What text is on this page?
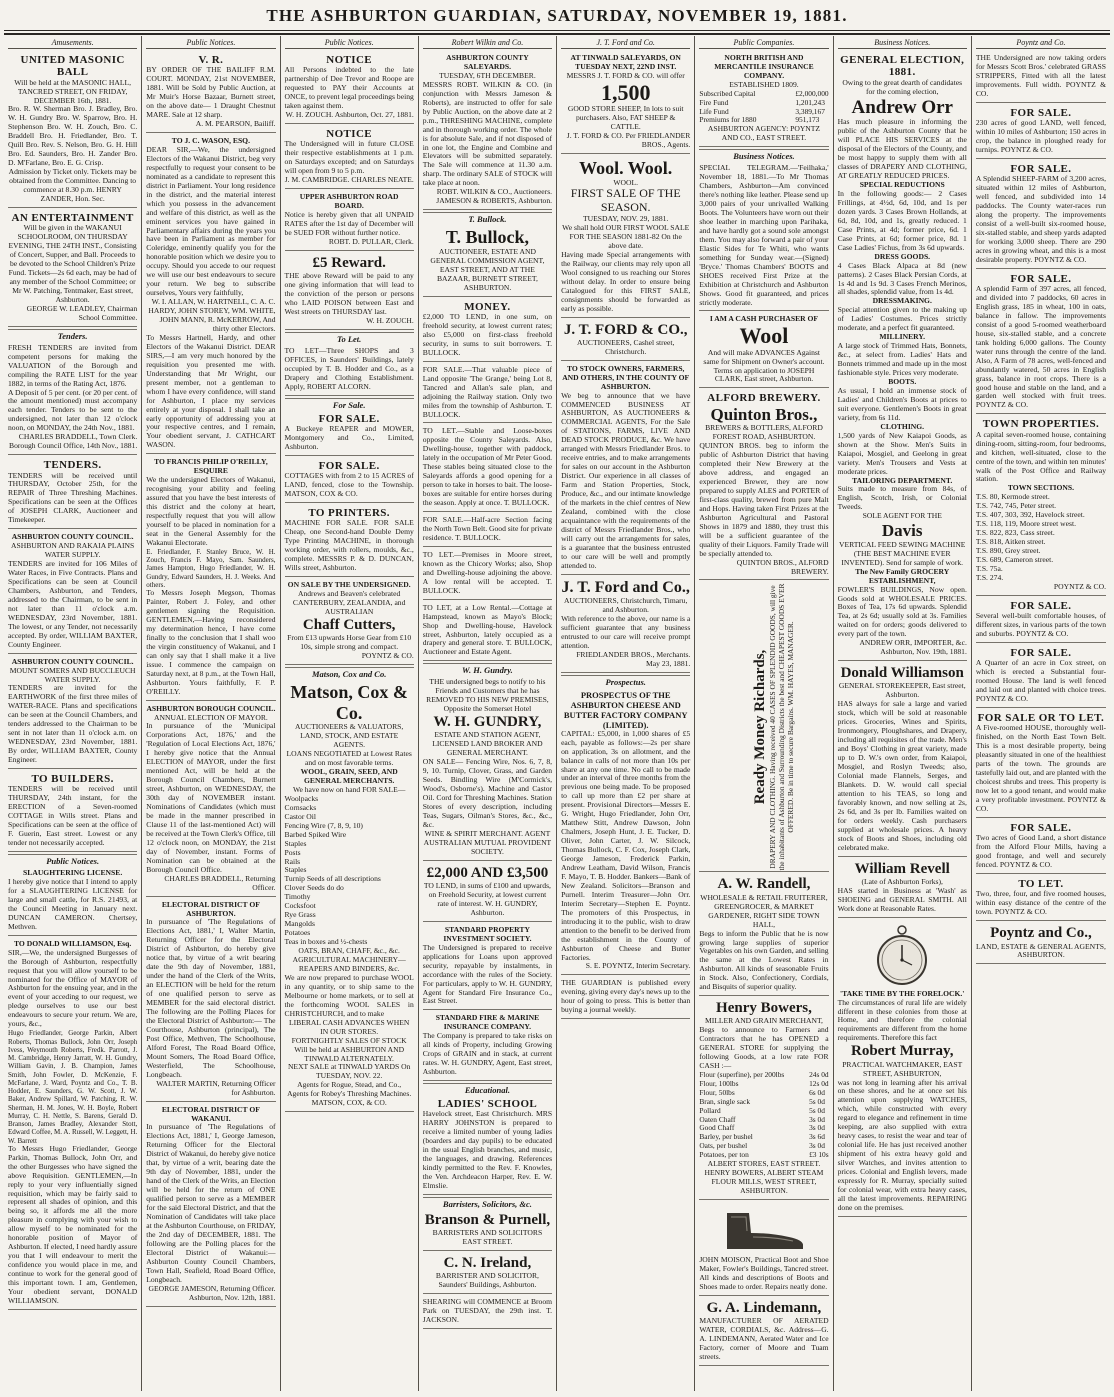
THE ASHBURTON GUARDIAN, SATURDAY, NOVEMBER 19, 1881.
Amusements.
UNITED MASONIC BALL
Will be held at the MASONIC HALL, TANCRED STREET, ON FRIDAY, DECEMBER 16th, 1881.
Bro. R. W. Sherman Bro. J. Bradley, Bro. W. H. Gundry Bro. W. Sparrow, Bro. H. Stephenson Bro. W. H. Zouch, Bro. C. Braddell Bro. H. Friedlander, Bro. T. Quill Bro. Rev. S. Nelson, Bro. G. H. Hill Bro. Ed. Saunders, Bro. H. Zander Bro. D. M'Farlane, Bro. E. G. Crisp.
Admission by Ticket only. Tickets may be obtained from the Committee. Dancing to commence at 8.30 p.m. HENRY ZANDER, Hon. Sec.
AN ENTERTAINMENT
Will be given in the WAKANUI SCHOOLROOM, ON THURSDAY EVENING, THE 24TH INST., Consisting of Concert, Supper, and Ball. Proceeds to be devoted to the School Children's Prize Fund. Tickets—2s 6d each, may be had of any member of the School Committee; or Mr W. Patching, Tentmaker, East street, Ashburton.
GEORGE W. LEADLEY, Chairman School Committee.
Tenders.
FRESH TENDERS are invited from competent persons for making the VALUATION of the Borough and compiling the RATE LIST for the year 1882, in terms of the Rating Act, 1876.
A Deposit of 5 per cent. (or 20 per cent. of the amount mentioned) must accompany each tender. Tenders to be sent to the undersigned, not later than 12 o'clock noon, on MONDAY, the 24th Nov., 1881.
CHARLES BRADDELL, Town Clerk. Borough Council Office, 14th Nov., 1881.
TENDERS.
TENDERS will be received until THURSDAY, October 25th, for the REPAIR of Three Threshing Machines. Specifications can be seen at the Offices of JOSEPH CLARK, Auctioneer and Timekeeper.
ASHBURTON COUNTY COUNCIL.
ASHBURTON AND RAKAIA PLAINS WATER SUPPLY.
TENDERS are invited for 106 Miles of Water Races, in Five Contracts. Plans and Specifications can be seen at Council Chambers, Ashburton, and Tenders, addressed to the Chairman, to be sent in not later than 11 o'clock a.m. WEDNESDAY, 23rd November, 1881. The lowest, or any Tender, not necessarily accepted. By order, WILLIAM BAXTER, County Engineer.
ASHBURTON COUNTY COUNCIL.
MOUNT SOMERS AND BUCCLEUCH WATER SUPPLY.
TENDERS are invited for the EARTHWORK of the first three miles of WATER-RACE. Plans and specifications can be seen at the Council Chambers, and tenders addressed to the Chairman to be sent in not later than 11 o'clock a.m. on WEDNESDAY, 23rd November, 1881. By order, WILLIAM BAXTER, County Engineer.
TO BUILDERS.
TENDERS will be received until THURSDAY, 24th instant, for the ERECTION of a Seven-roomed COTTAGE in Wills street. Plans and Specifications can be seen at the office of F. Guerin, East street. Lowest or any tender not necessarily accepted.
Public Notices.
SLAUGHTERING LICENSE.
I hereby give notice that I intend to apply for a SLAUGHTERING LICENSE for large and small cattle, for R.S. 21493, at the Council Meeting in January next. DUNCAN CAMERON. Chertsey, Methven.
TO DONALD WILLIAMSON, Esq.
SIR,—We, the undersigned Burgesses of the Borough of Ashburton, respectfully request that you will allow yourself to be nominated for the Office of MAYOR of Ashburton for the ensuing year, and in the event of your acceding to our request, we pledge ourselves to use our best endeavours to secure your return. We are, yours, &c.,
Hugo Friedlander, George Parkin, Albert Roberts, Thomas Bullock, John Orr, Joseph Ivess, Weymouth Roberts, Fredk. Parrott, J. M. Cambridge, Henry Jarratt, W. H. Gundry, William Gavin, J. B. Champion, James Smith, John Fowler, D. McKenzie, F. McFarlane, J. Ward, Poyntz and Co., T. B. Hodder, E. Saunders, G. W. Scott, J. W. Baker, Andrew Spillard, W. Patching, R. W. Sherman, H. M. Jones, W. H. Boyle, Robert Murray, C. H. Nettle, S. Barens, Gerald D. Branson, James Bradley, Alexander Stott, Edward Coffee, M. A. Russell, W. Leggett, H. W. Barrett
To Messrs Hugo Friedlander, George Parkin, Thomas Bullock, John Orr, and the other Burgesses who have signed the above Requisition. GENTLEMEN,—In reply to your very influentially signed requisition, which may be fairly said to represent all shades of opinion, and this being so, it affords me all the more pleasure in complying with your wish to allow myself to be nominated for the honorable position of Mayor of Ashburton. If elected, I need hardly assure you that I will endeavour to merit the confidence you would place in me, and continue to work for the general good of this important town. I am, Gentlemen, Your obedient servant, DONALD WILLIAMSON.
Public Notices.
V. R.
BY ORDER OF THE BAILIFF R.M. COURT. MONDAY, 21st NOVEMBER, 1881. Will be Sold by Public Auction, at Mr Muir's Horse Bazaar, Burnett street, on the above date— 1 Draught Chestnut MARE. Sale at 12 sharp.
A. M. PEARSON, Bailiff.
TO J. C. WASON, ESQ.
DEAR SIR,—We, the undersigned Electors of the Wakanui District, beg very respectfully to request your consent to be nominated as a candidate to represent this district in Parliament. Your long residence in the district, and the material interest which you possess in the advancement and welfare of this district, as well as the eminent services you have gained in Parliamentary affairs during the years you have been in Parliament as member for Coleridge, eminently qualify you for the honorable position which we desire you to occupy. Should you accede to our request we will use our best endeavours to secure your return. We beg to subscribe ourselves, Yours very faithfully,
W. I. ALLAN, W. HARTNELL, C. A. C. HARDY, JOHN STOREY, WM. WHITE, JOHN MANN, R. McKERROW, And thirty other Electors.
To Messrs Hartnell, Hardy, and other Electors of the Wakanui District. DEAR SIRS,—I am very much honored by the requisition you presented me with. Understanding that Mr Wright, our present member, not a gentleman to whom I have every confidence, will stand for Ashburton, I place my services entirely at your disposal. I shall take an early opportunity of addressing you at your respective centres, and I remain, Your obedient servant, J. CATHCART WASON.
TO FRANCIS PHILIP O'REILLY, ESQUIRE
We the undersigned Electors of Wakanui, recognising your ability and feeling assured that you have the best interests of this district and the colony at heart, respectfully request that you will allow yourself to be placed in nomination for a seat in the General Assembly for the Wakanui Electorate.
E. Friedlander, F. Stanley Bruce, W. H. Zouch, Francis F. Mayo, Sam. Saunders, James Hampton, Hugo Friedlander, W. H. Gundry, Edward Saunders, H. J. Weeks. And others.
To Messrs Joseph Megson, Thomas Painter, Robert J. Foley, and other gentlemen signing the Requisition. GENTLEMEN,—Having reconsidered my determination hence, I have come finally to the conclusion that I shall woo the virgin constituency of Wakanui, and I can only say that I shall make it a live issue. I commence the campaign on Saturday next, at 8 p.m., at the Town Hall, Ashburton. Yours faithfully, F. P. O'REILLY.
ASHBURTON BOROUGH COUNCIL.
ANNUAL ELECTION OF MAYOR.
In pursuance of the 'Municipal Corporations Act, 1876,' and the 'Regulation of Local Elections Act, 1876,' I hereby give notice that the Annual ELECTION of MAYOR, under the first mentioned Act, will be held at the Borough Council Chambers, Burnett street, Ashburton, on WEDNESDAY, the 30th day of NOVEMBER instant. Nominations of Candidates (which must be made in the manner prescribed in Clause 11 of the last-mentioned Act) will be received at the Town Clerk's Office, till 12 o'clock noon, on MONDAY, the 21st day of November, instant. Forms of Nomination can be obtained at the Borough Council Office.
CHARLES BRADDELL, Returning Officer.
ELECTORAL DISTRICT OF ASHBURTON.
In pursuance of 'The Regulations of Elections Act, 1881,' I, Walter Martin, Returning Officer for the Electoral District of Ashburton, do hereby give notice that, by virtue of a writ bearing date the 9th day of November, 1881, under the hand of the Clerk of the Writs, an ELECTION will be held for the return of one qualified person to serve as MEMBER for the said electoral district. The following are the Polling Places for the Electoral District of Ashburton:— The Courthouse, Ashburton (principal), The Post Office, Methven, The Schoolhouse, Alford Forest, The Road Board Office, Mount Somers, The Road Board Office, Westerfield, The Schoolhouse, Longbeach.
WALTER MARTIN, Returning Officer for Ashburton.
ELECTORAL DISTRICT OF WAKANUI.
In pursuance of 'The Regulations of Elections Act, 1881,' I, George Jameson, Returning Officer for the Electoral District of Wakanui, do hereby give notice that, by virtue of a writ, bearing date the 9th day of November, 1881, under the hand of the Clerk of the Writs, an Election will be held for the return of ONE qualified person to serve as a MEMBER for the said Electoral District, and that the Nomination of Candidates will take place at the Ashburton Courthouse, on FRIDAY, the 2nd day of DECEMBER, 1881. The following are the Polling places for the Electoral District of Wakanui:— Ashburton County Council Chambers, Town Hall, Seafield, Road Board Office, Longbeach.
GEORGE JAMESON, Returning Officer. Ashburton, Nov. 12th, 1881.
Public Notices.
NOTICE
All Persons indebted to the late partnership of Dee Trevor and Roope are requested to PAY their Accounts at ONCE, to prevent legal proceedings being taken against them.
W. H. ZOUCH. Ashburton, Oct. 27, 1881.
NOTICE
The Undersigned will in future CLOSE their respective establishments at 1 p.m. on Saturdays excepted; and on Saturdays will open from 9 to 5 p.m.
J. M. CAMBRIDGE. CHARLES NEATE.
UPPER ASHBURTON ROAD BOARD.
Notice is hereby given that all UNPAID RATES after the 1st day of December will be SUED FOR without further notice.
ROBT. D. PULLAR, Clerk.
£5 Reward.
THE above Reward will be paid to any one giving information that will lead to the conviction of the person or persons who LAID POISON between East and West streets on THURSDAY last.
W. H. ZOUCH.
To Let.
TO LET—Three SHOPS and 3 OFFICES, in Saunders' Buildings, lately occupied by T. B. Hodder and Co., as a Drapery and Clothing Establishment. Apply, ROBERT ALCORN.
For Sale.
FOR SALE.
A Buckeye REAPER and MOWER, Montgomery and Co., Limited, Ashburton.
FOR SALE.
COTTAGES with from 2 to 15 ACRES of LAND, fenced, close to the Township. MATSON, COX & CO.
TO PRINTERS.
MACHINE FOR SALE. FOR SALE Cheap, one Second-hand Double Demy Type Printing MACHINE, in thorough working order, with rollers, moulds, &c., complete. MESSRS P. & D. DUNCAN, Wills street, Ashburton.
ON SALE BY THE UNDERSIGNED.
Andrews and Beaven's celebrated CANTERBURY, ZEALANDIA, and AUSTRALIAN
Chaff Cutters,
From £13 upwards Horse Gear from £10 10s, simple strong and compact.
POYNTZ & CO.
Matson, Cox and Co.
Matson, Cox & Co.
AUCTIONEERS & VALUATORS, LAND, STOCK, AND ESTATE AGENTS.
LOANS NEGOTIATED at Lowest Rates and on most favorable terms.
WOOL, GRAIN, SEED, AND GENERAL MERCHANTS.
We have now on hand FOR SALE—
Woolpacks
Cornsacks
Castor Oil
Fencing Wire (7, 8, 9, 10)
Barbed Spiked Wire
Staples
Posts
Rails
Staples
Turnip Seeds of all descriptions
Clover Seeds do do
Timothy
Cocksfoot
Rye Grass
Mangolds
Potatoes
Teas in boxes and ½-chests
OATS, BRAN, CHAFF, &c., &c.
AGRICULTURAL MACHINERY—REAPERS AND BINDERS, &c.
We are now prepared to purchase WOOL in any quantity, or to ship same to the Melbourne or home markets, or to sell at the forthcoming WOOL SALES in CHRISTCHURCH, and to make
LIBERAL CASH ADVANCES WHEN IN OUR STORES.
FORTNIGHTLY SALES OF STOCK Will be held at ASHBURTON AND TINWALD ALTERNATELY.
NEXT SALE at TINWALD YARDS On TUESDAY, NOV. 22.
Agents for Rogue, Stead, and Co.,
Agents for Robey's Threshing Machines. MATSON, COX, & CO.
Robert Wilkin and Co.
ASHBURTON COUNTY SALEYARDS.
TUESDAY, 6TH DECEMBER.
MESSRS ROBT. WILKIN & CO. (in conjunction with Messrs Jameson & Roberts), are instructed to offer for sale by Public Auction, on the above date at 2 p.m., THRESHING MACHINE, complete and in thorough working order. The whole is for absolute Sale, and if not disposed of in one lot, the Engine and Combine and Elevators will be submitted separately. The Sale will commence at 11.30 a.m. sharp. The ordinary SALE of STOCK will take place at noon.
ROBT. WILKIN & CO., Auctioneers. JAMESON & ROBERTS, Ashburton.
T. Bullock.
T. Bullock,
AUCTIONEER, ESTATE AND GENERAL COMMISSION AGENT, EAST STREET, AND AT THE BAZAAR, BURNETT STREET, ASHBURTON.
MONEY.
£2,000 TO LEND, in one sum, on freehold security, at lowest current rates; also £5,000 on first-class freehold security, in sums to suit borrowers. T. BULLOCK.
FOR SALE.—That valuable piece of Land opposite 'The Grange,' being Lot 8, Tancred and Allan's sale plan, and adjoining the Railway station. Only two miles from the township of Ashburton. T. BULLOCK.
TO LET.—Stable and Loose-boxes opposite the County Saleyards. Also, Dwelling-house, together with paddock, lately in the occupation of Mr Peter Good. These stables being situated close to the Saleyards affords a good opening for a person to take in horses to bait. The loose-boxes are suitable for entire horses during the season. Apply at once. T. BULLOCK.
FOR SALE.—Half-acre Section facing the North Town Belt. Good site for private residence. T. BULLOCK.
TO LET.—Premises in Moore street, known as the Chicory Works; also, Shop and Dwelling-house adjoining the above. A low rental will be accepted. T. BULLOCK.
TO LET, at a Low Rental.—Cottage at Hampstead, known as Mayo's Block; Shop and Dwelling-house, Havelock street, Ashburton, lately occupied as a drapery and general store. T. BULLOCK, Auctioneer and Estate Agent.
W. H. Gundry.
THE undersigned begs to notify to his Friends and Customers that he has REMOVED TO HIS NEW PREMISES, Opposite the Somerset Hotel
W. H. GUNDRY,
ESTATE AND STATION AGENT, LICENSED LAND BROKER AND GENERAL MERCHANT.
ON SALE— Fencing Wire, Nos. 6, 7, 8, 9, 10. Turnip, Clover, Grass, and Garden Seeds. Bindling Wire (M'Cormick's, Wood's, Osborne's). Machine and Castor Oil. Cord for Threshing Machines. Station Stores of every description, including Teas, Sugars, Oilman's Stores, &c., &c., &c.
WINE & SPIRIT MERCHANT. AGENT AUSTRALIAN MUTUAL PROVIDENT SOCIETY.
£2,000 AND £3,500
TO LEND, in sums of £100 and upwards, on Freehold Security, at lowest current rate of interest. W. H. GUNDRY, Ashburton.
STANDARD PROPERTY INVESTMENT SOCIETY.
The Undersigned is prepared to receive applications for Loans upon approved security, repayable by instalments, in accordance with the rules of the Society. For particulars, apply to W. H. GUNDRY, Agent for Standard Fire Insurance Co., East Street.
STANDARD FIRE & MARINE INSURANCE COMPANY.
The Company is prepared to take risks on all kinds of Property, including Growing Crops of GRAIN and in stack, at current rates. W. H. GUNDRY, Agent, East street, Ashburton.
Educational.
LADIES' SCHOOL
Havelock street, East Christchurch. MRS HARRY JOHNSTON is prepared to receive a limited number of young ladies (boarders and day pupils) to be educated in the usual English branches, and music, the languages, and drawing. References kindly permitted to the Rev. F. Knowles, the Ven. Archdeacon Harper, Rev. E. W. Elmslie.
Barristers, Solicitors, &c.
Branson & Purnell,
BARRISTERS AND SOLICITORS EAST STREET.
C. N. Ireland,
BARRISTER AND SOLICITOR, Saunders' Buildings, Ashburton.
SHEARING will COMMENCE at Broom Park on TUESDAY, the 29th inst. T. JACKSON.
J. T. Ford and Co.
AT TINWALD SALEYARDS, ON TUESDAY NEXT, 22ND INST.
MESSRS J. T. FORD & CO. will offer
1,500
GOOD STORE SHEEP, In lots to suit purchasers. Also, FAT SHEEP & CATTLE.
J. T. FORD & CO. Per FRIEDLANDER BROS., Agents.
Wool. Wool.
WOOL.
FIRST SALE OF THE SEASON.
TUESDAY, NOV. 29, 1881.
We shall hold OUR FIRST WOOL SALE FOR THE SEASON 1881-82 On the above date.
Having made Special arrangements with the Railway, our clients may rely upon all Wool consigned to us reaching our Stores without delay. In order to ensure being Catalogued for this FIRST SALE, consignments should be forwarded as early as possible.
J. T. FORD & CO.,
AUCTIONEERS, Cashel street, Christchurch.
TO STOCK OWNERS, FARMERS, AND OTHERS, IN THE COUNTY OF ASHBURTON.
We beg to announce that we have COMMENCED BUSINESS AT ASHBURTON, AS AUCTIONEERS & COMMERCIAL AGENTS, For the Sale of STATIONS, FARMS, LIVE AND DEAD STOCK PRODUCE, &c. We have arranged with Messrs Friedlander Bros. to receive entries, and to make arrangements for sales on our account in the Ashburton District. Our experience in all classes of Farm and Station Properties, Stock, Produce, &c., and our intimate knowledge of the markets in the chief centres of New Zealand, combined with the close acquaintance with the requirements of the district of Messrs Friedlander Bros., who will carry out the arrangements for sales, is a guarantee that the business entrusted to our care will be well and promptly attended to.
J. T. Ford and Co.,
AUCTIONEERS, Christchurch, Timaru, and Ashburton.
With reference to the above, our name is a sufficient guarantee that any business entrusted to our care will receive prompt attention.
FRIEDLANDER BROS., Merchants. May 23, 1881.
Prospectus.
PROSPECTUS OF THE ASHBURTON CHEESE AND BUTTER FACTORY COMPANY (LIMITED).
CAPITAL: £5,000, in 1,000 shares of £5 each, payable as follows:—2s per share on application, 3s on allotment, and the balance in calls of not more than 10s per share at any one time. No call to be made under an interval of three months from the previous one being made. To be proposed to call up more than £2 per share at present. Provisional Directors—Messrs E. G. Wright, Hugo Friedlander, John Orr, Matthew Stitt, Andrew Dawson, John Chalmers, Joseph Hunt, J. E. Tucker, D. Oliver, John Carter, J. W. Silcock, Thomas Bullock, C. F. Cox, Joseph Clark, George Jameson, Frederick Parkin, Andrew Leatham, David Wilson, Francis F. Mayo, T. B. Hodder. Bankers—Bank of New Zealand. Solicitors—Branson and Purnell. Interim Treasurer—John Orr. Interim Secretary—Stephen E. Poyntz. The promoters of this Prospectus, in introducing it to the public, wish to draw attention to the benefit to be derived from the establishment in the County of Ashburton of Cheese and Butter Factories.
S. E. POYNTZ, Interim Secretary.
THE GUARDIAN is published every evening, giving every day's news up to the hour of going to press. This is better than buying a journal weekly.
Public Companies.
NORTH BRITISH AND MERCANTILE INSURANCE COMPANY.
ESTABLISHED 1809.
Subscribed Capital	£2,000,000
Fire Fund	1,201,243
Life Fund	3,389,167
Premiums for 1880	951,173
ASHBURTON AGENCY: POYNTZ AND CO., EAST STREET.
Business Notices.
SPECIAL TELEGRAM.—'Feilhaka,' November 18, 1881.—To Mr Thomas Chambers, Ashburton—Am convinced there's nothing like leather. Please send up 3,000 pairs of your unrivalled Walking Boots. The Volunteers have worn out their shoe leather in marching upon Parihaka, and have hardly got a sound sole amongst them. You may also forward a pair of your Elastic Sides for Te Whiti, who wants something for Sunday wear.—(Signed) 'Bryce.' Thomas Chambers' BOOTS and SHOES received First Prize at the Exhibition at Christchurch and Ashburton Shows. Good fit guaranteed, and prices strictly moderate.
I AM A CASH PURCHASER OF
Wool
And will make ADVANCES Against same for Shipment on Owner's account. Terms on application to JOSEPH CLARK, East street, Ashburton.
ALFORD BREWERY.
Quinton Bros.,
BREWERS & BOTTLERS, ALFORD FOREST ROAD, ASHBURTON.
QUINTON BROS. beg to inform the public of Ashburton District that having completed their New Brewery at the above address, and engaged an experienced Brewer, they are now prepared to supply ALES and PORTER of first-class quality, brewed from pure Malt and Hops. Having taken First Prizes at the Ashburton Agricultural and Pastoral Shows in 1879 and 1880, they trust this will be a sufficient guarantee of the quality of their Liquors. Family Trade will be specially attended to.
QUINTON BROS., ALFORD BREWERY.
Ready Money Richards, DRAPERY AND CLOTHING. Having received 40 CASES OF SPLENDID GOODS, will give the inhabitants of Ashburton and Surrounding Districts the best and CHEAPEST GOODS EVER OFFERED. Be in time to secure Bargains. WM. HAYES, MANAGER.
A. W. Randell,
WHOLESALE & RETAIL FRUITERER, GREENGROCER, & MARKET GARDENER, RIGHT SIDE TOWN HALL,
Begs to inform the Public that he is now growing large supplies of superior Vegetables on his own Garden, and selling the same at the Lowest Rates in Ashburton. All kinds of seasonable Fruits in Stock. Also, Confectionery, Cordials, and Bisquits of superior quality.
Henry Bowers,
MILLER AND GRAIN MERCHANT,
Begs to announce to Farmers and Contractors that he has OPENED a GENERAL STORE for supplying the following Goods, at a low rate FOR CASH :—
Flour (superfine), per 200lbs	24s 0d
Flour, 100lbs	12s 0d
Flour, 50lbs	6s 0d
Bran, single sack	5s 0d
Pollard	5s 0d
Oaten Chaff	3s 0d
Good Chaff	3s 0d
Barley, per bushel	3s 6d
Oats, per bushel	3s 0d
Potatoes, per ton	£3 10s
ALBERT STORES, EAST STREET. HENRY BOWERS, ALBERT STEAM FLOUR MILLS, WEST STREET, ASHBURTON.
JOHN MOISON, Practical Boot and Shoe Maker, Fowler's Buildings, Tancred street. All kinds and descriptions of Boots and Shoes made to order. Repairs neatly done.
G. A. Lindemann,
MANUFACTURER OF AERATED WATER, CORDIALS, &c. Address—G. A. LINDEMANN, Aerated Water and Ice Factory, corner of Moore and Tuam streets.
Business Notices.
GENERAL ELECTION, 1881.
Owing to the great dearth of candidates for the coming election,
Andrew Orr
Has much pleasure in informing the public of the Ashburton County that he will PLACE HIS SERVICES at the disposal of the Electors of the County, and be most happy to supply them with all classes of DRAPERY AND CLOTHING, AT GREATLY REDUCED PRICES.
SPECIAL REDUCTIONS
In the following goods:— 2 Cases Frillings, at 4½d, 6d, 10d, and 1s per dozen yards. 3 Cases Brown Hollands, at 6d, 8d, 10d, and 1s, greatly reduced. 1 Case Prints, at 4d; former price, 6d. 1 Case Prints, at 6d; former price, 8d. 1 Case Ladies' Fichus, from 3s 6d upwards.
DRESS GOODS.
4 Cases Black Alpaca at 8d (new patterns). 2 Cases Black Persian Cords, at 1s 4d and 1s 9d. 3 Cases French Merinos, all shades, splendid value, from 1s 4d.
DRESSMAKING.
Special attention given to the making up of Ladies' Costumes. Prices strictly moderate, and a perfect fit guaranteed.
MILLINERY.
A large stock of Trimmed Hats, Bonnets, &c., at select from. Ladies' Hats and Bonnets trimmed and made up in the most fashionable style. Prices very moderate.
BOOTS.
As usual, I hold an immense stock of Ladies' and Children's Boots at prices to suit everyone. Gentlemen's Boots in great variety, from 6s 11d.
CLOTHING.
1,500 yards of New Kaiapoi Goods, as shown at the Show. Men's Suits in Kaiapoi, Mosgiel, and Geelong in great variety. Men's Trousers and Vests at moderate prices.
TAILORING DEPARTMENT.
Suits made to measure from 84s, of English, Scotch, Irish, or Colonial Tweeds.
SOLE AGENT FOR THE
Davis
VERTICAL FEED SEWING MACHINE (THE BEST MACHINE EVER INVENTED). Send for sample of work.
The New Family GROCERY ESTABLISHMENT,
FOWLER'S BUILDINGS, Now open. Goods sold at WHOLESALE PRICES. Boxes of Tea, 17s 6d upwards. Splendid Tea, at 2s 6d; usually sold at 3s. Families waited on for orders; goods delivered to every part of the town.
ANDREW ORR, IMPORTER, &c. Ashburton, Nov. 19th, 1881.
Donald Williamson
GENERAL STOREKEEPER, East street, Ashburton.
HAS always for sale a large and varied stock, which will be sold at reasonable prices. Groceries, Wines and Spirits, Ironmongery, Ploughshares, and Drapery, including all requisites of the trade. Men's and Boys' Clothing in great variety, made up to D. W.'s own order, from Kaiapoi, Mosgiel, and Roslyn Tweeds; also, Colonial made Flannels, Serges, and Blankets. D. W. would call special attention to his TEAS, so long and favorably known, and now selling at 2s, 2s 6d, and 3s per lb. Families waited on for orders weekly. Cash purchasers supplied at wholesale prices. A heavy stock of Boots and Shoes, including old celebrated make.
William Revell
(Late of Ashburton Forks),
HAS started in Business at 'Wash' as SHOEING and GENERAL SMITH. All Work done at Reasonable Rates.
'TAKE TIME BY THE FORELOCK.'
The circumstances of rural life are widely different in these colonies from those at Home, and therefore the colonial requirements are different from the home requirements. Therefore this fact
Robert Murray,
PRACTICAL WATCHMAKER, EAST STREET, ASHBURTON,
was not long in learning after his arrival on these shores, and he at once set his attention upon supplying WATCHES, which, while constructed with every regard to elegance and refinement in time keeping, are also supplied with extra heavy cases, to resist the wear and tear of colonial life. He has just received another shipment of his extra heavy gold and silver Watches, and invites attention to prices. Colonial and English levers, made expressly for R. Murray, specially suited for colonial wear, with extra heavy cases, all the latest improvements. REPAIRING done on the premises.
Poyntz and Co.
THE Undersigned are now taking orders for Messrs Scott Bros.' celebrated GRASS STRIPPERS, Fitted with all the latest improvements. Full width. POYNTZ & CO.
FOR SALE.
230 acres of good LAND, well fenced, within 10 miles of Ashburton; 150 acres in crop, the balance in ploughed ready for turnips. POYNTZ & CO.
FOR SALE.
A Splendid SHEEP-FARM of 3,200 acres, situated within 12 miles of Ashburton, well fenced, and subdivided into 14 paddocks. The County water-races run along the property. The improvements consist of a well-built six-roomed house, six-stalled stable, and sheep yards adapted for working 3,000 sheep. There are 290 acres in growing wheat, and this is a most desirable property. POYNTZ & CO.
FOR SALE.
A splendid Farm of 397 acres, all fenced, and divided into 7 paddocks, 60 acres in English grass, 185 in wheat, 100 in oats, balance in fallow. The improvements consist of a good 5-roomed weatherboard house, six-stalled stable, and a concrete tank holding 6,000 gallons. The County water runs through the centre of the land. Also, A Farm of 78 acres, well-fenced and abundantly watered, 50 acres in English grass, balance in root crops. There is a good house and stable on the land, and a garden well stocked with fruit trees. POYNTZ & CO.
TOWN PROPERTIES.
A capital seven-roomed house, containing dining-room, sitting-room, four bedrooms, and kitchen, well-situated, close to the centre of the town, and within ten minutes' walk of the Post Office and Railway station.
TOWN SECTIONS.
T.S. 80, Kermode street.
T.S. 742, 745, Peter street.
T.S. 407, 303, 392, Havelock street.
T.S. 118, 119, Moore street west.
T.S. 822, 823, Cass street.
T.S. 818, Aitken street.
T.S. 890, Grey street.
T.S. 689, Cameron street.
T.S. 75a.
T.S. 274.
POYNTZ & CO.
FOR SALE.
Several well-built comfortable houses, of different sizes, in various parts of the town and suburbs. POYNTZ & CO.
FOR SALE.
A Quarter of an acre in Cox street, on which is erected a Substantial four-roomed House. The land is well fenced and laid out and planted with choice trees. POYNTZ & CO.
FOR SALE OR TO LET.
A Five-roomed HOUSE, thoroughly well-finished, on the North East Town Belt. This is a most desirable property, being pleasantly situated in one of the healthiest parts of the town. The grounds are tastefully laid out, and are planted with the choicest shrubs and trees. This property is now let to a good tenant, and would make a very profitable investment. POYNTZ & CO.
FOR SALE.
Two acres of Good Land, a short distance from the Alford Flour Mills, having a good frontage, and well and securely fenced. POYNTZ & CO.
TO LET.
Two, three, four, and five roomed houses, within easy distance of the centre of the town. POYNTZ & CO.
Poyntz and Co.,
LAND, ESTATE & GENERAL AGENTS, ASHBURTON.
